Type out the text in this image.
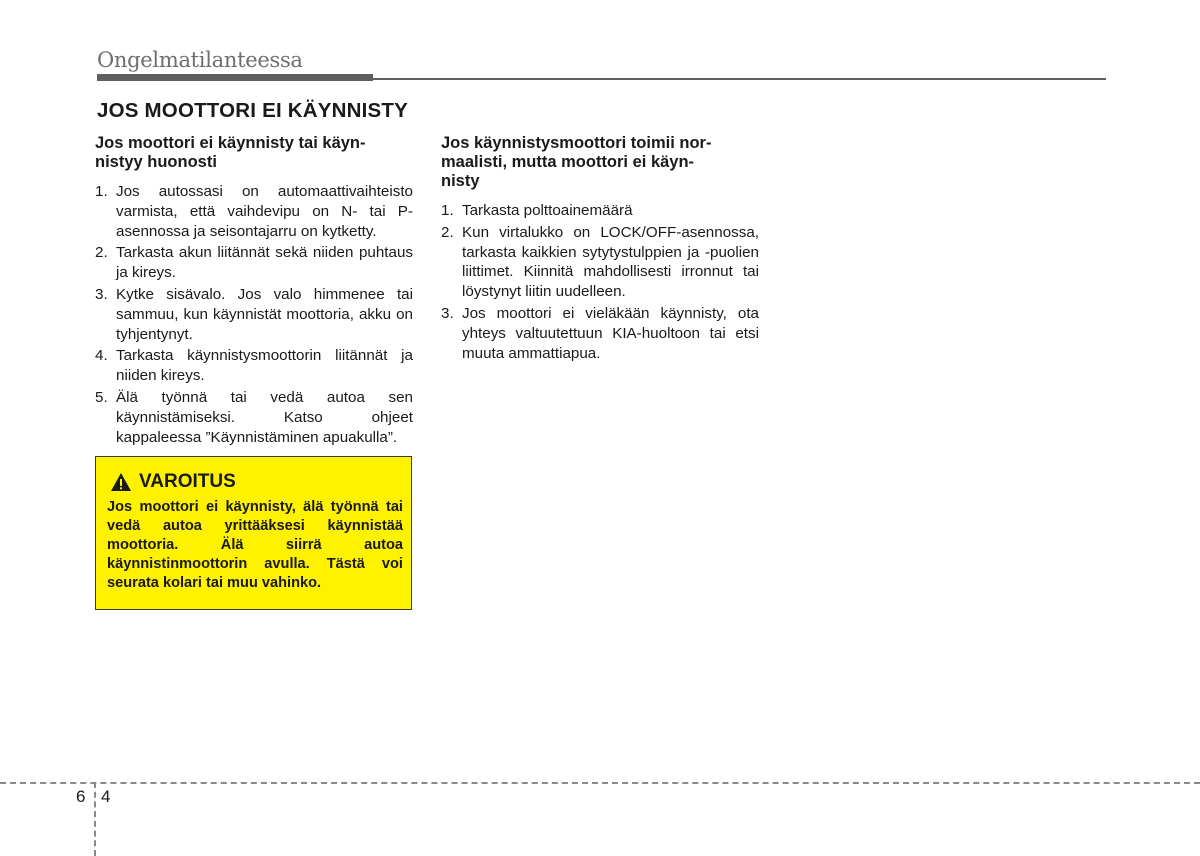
Ongelmatilanteessa
JOS MOOTTORI EI KÄYNNISTY
Jos moottori ei käynnisty tai käyn-
nistyy huonosti
1. Jos autossasi on automaattivaihteisto varmista, että vaihdevipu on N- tai P-asennossa ja seisontajarru on kytketty.
2. Tarkasta akun liitännät sekä niiden puhtaus ja kireys.
3. Kytke sisävalo. Jos valo himmenee tai sammuu, kun käynnistät moottoria, akku on tyhjentynyt.
4. Tarkasta käynnistysmoottorin liitännät ja niiden kireys.
5. Älä työnnä tai vedä autoa sen käynnistämiseksi. Katso ohjeet kappaleessa ”Käynnistäminen apuakulla”.
VAROITUS
Jos moottori ei käynnisty, älä työnnä tai vedä autoa yrittääksesi käynnistää moottoria. Älä siirrä autoa käynnistinmoottorin avulla. Tästä voi seurata kolari tai muu vahinko.
Jos käynnistysmoottori toimii nor-
maalisti, mutta moottori ei käyn-
nisty
1. Tarkasta polttoainemäärä
2. Kun virtalukko on LOCK/OFF-asennossa, tarkasta kaikkien sytytystulppien ja -puolien liittimet. Kiinnitä mahdollisesti irronnut tai löystynyt liitin uudelleen.
3. Jos moottori ei vieläkään käynnisty, ota yhteys valtuutettuun KIA-huoltoon tai etsi muuta ammattiapua.
6 4
